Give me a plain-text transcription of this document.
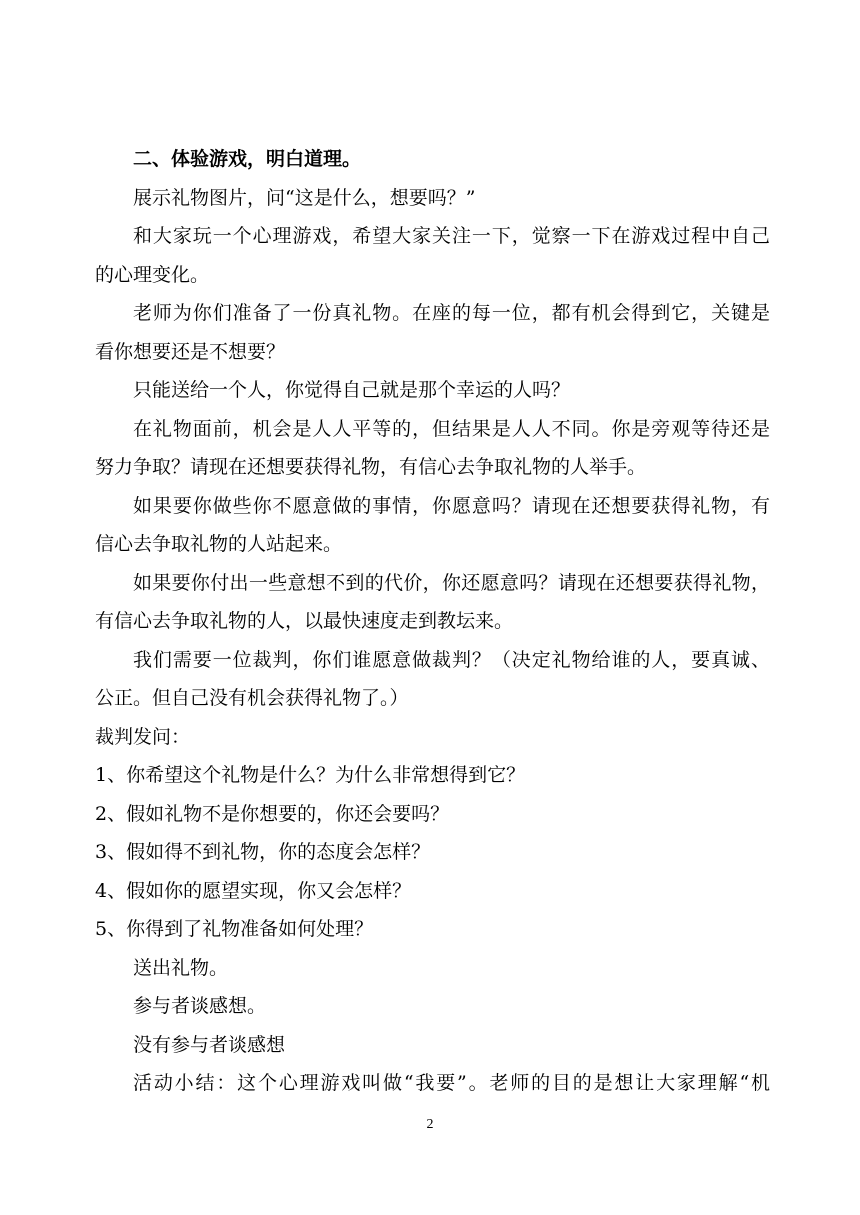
二、体验游戏，明白道理。

展示礼物图片，问“这是什么，想要吗？”

和大家玩一个心理游戏，希望大家关注一下，觉察一下在游戏过程中自己

的心理变化。

老师为你们准备了一份真礼物。在座的每一位，都有机会得到它，关键是

看你想要还是不想要？

只能送给一个人，你觉得自己就是那个幸运的人吗？

在礼物面前，机会是人人平等的，但结果是人人不同。你是旁观等待还是

努力争取？请现在还想要获得礼物，有信心去争取礼物的人举手。

如果要你做些你不愿意做的事情，你愿意吗？请现在还想要获得礼物，有

信心去争取礼物的人站起来。

如果要你付出一些意想不到的代价，你还愿意吗？请现在还想要获得礼物，

有信心去争取礼物的人，以最快速度走到教坛来。

我们需要一位裁判，你们谁愿意做裁判？（决定礼物给谁的人，要真诚、

公正。但自己没有机会获得礼物了。）

裁判发问：

1、你希望这个礼物是什么？为什么非常想得到它？

2、假如礼物不是你想要的，你还会要吗？

3、假如得不到礼物，你的态度会怎样？

4、假如你的愿望实现，你又会怎样？

5、你得到了礼物准备如何处理？

送出礼物。

参与者谈感想。

没有参与者谈感想

活动小结：这个心理游戏叫做“我要”。老师的目的是想让大家理解“机

2
